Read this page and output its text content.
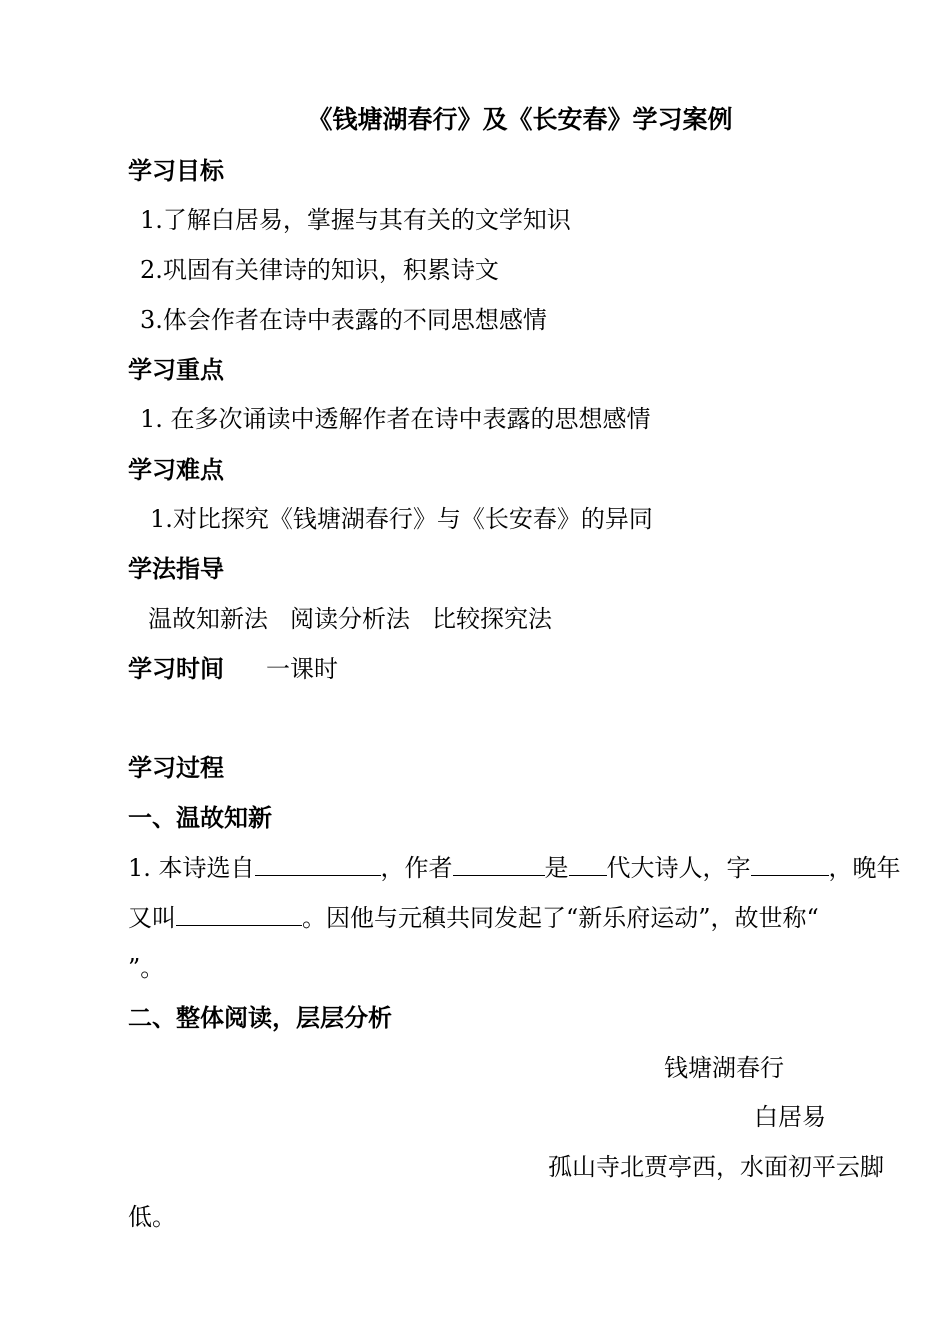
《钱塘湖春行》及《长安春》学习案例
学习目标
1.了解白居易，掌握与其有关的文学知识
2.巩固有关律诗的知识，积累诗文
3.体会作者在诗中表露的不同思想感情
学习重点
1. 在多次诵读中透解作者在诗中表露的思想感情
学习难点
1.对比探究《钱塘湖春行》与《长安春》的异同
学法指导
温故知新法 阅读分析法 比较探究法
学习时间 一课时
学习过程
一、温故知新
1. 本诗选自	，作者	是 代大诗人，字	，晚年
又叫	。因他与元稹共同发起了“新乐府运动”，故世称“
”。
二、整体阅读，层层分析
钱塘湖春行
白居易
孤山寺北贾亭西，水面初平云脚
低。
